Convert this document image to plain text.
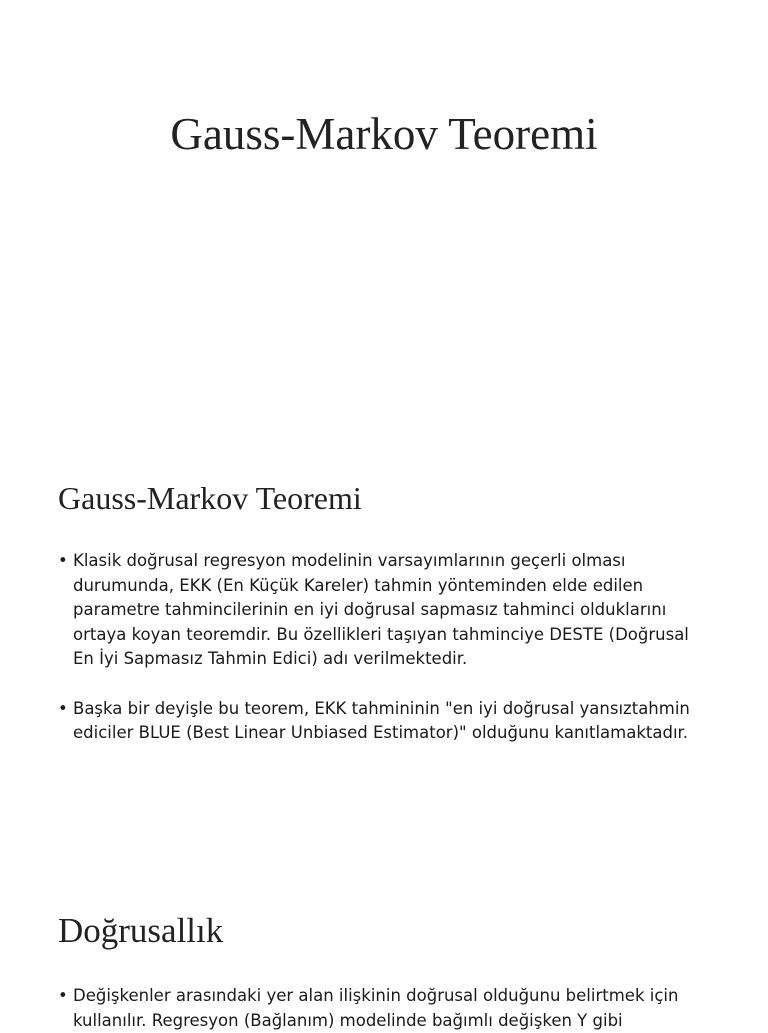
Gauss-Markov Teoremi
Gauss-Markov Teoremi
• Klasik doğrusal regresyon modelinin varsayımlarının geçerli olması durumunda, EKK (En Küçük Kareler) tahmin yönteminden elde edilen parametre tahmincilerinin en iyi doğrusal sapmasız tahminci olduklarını ortaya koyan teoremdir. Bu özellikleri taşıyan tahminciye DESTE (Doğrusal En İyi Sapmasız Tahmin Edici) adı verilmektedir.
• Başka bir deyişle bu teorem, EKK tahmininin "en iyi doğrusal yansıztahmin ediciler BLUE (Best Linear Unbiased Estimator)" olduğunu kanıtlamaktadır.
Doğrusallık
• Değişkenler arasındaki yer alan ilişkinin doğrusal olduğunu belirtmek için kullanılır. Regresyon (Bağlanım) modelinde bağımlı değişken Y gibi
